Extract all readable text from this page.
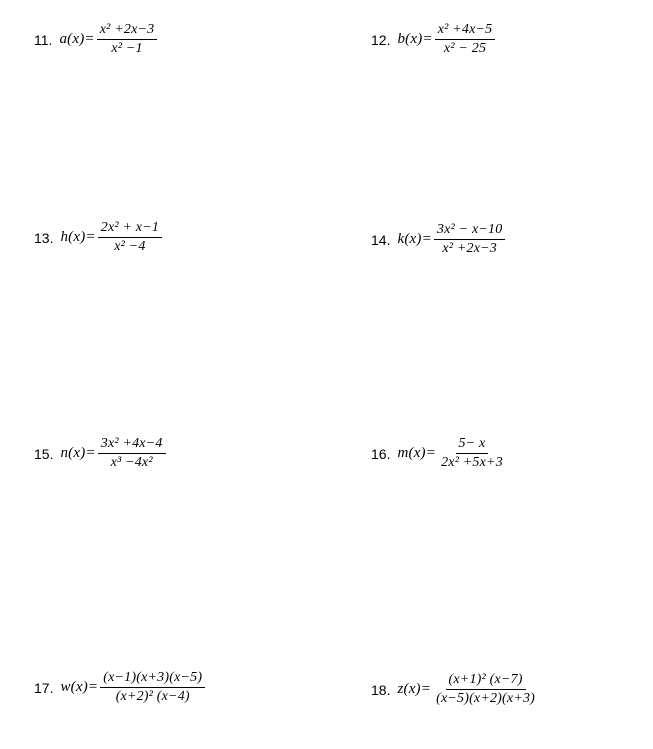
11. $a(x)= \frac{\text{x² +2x−3}}{\text{x² −1}}$	12. $b(x)= \frac{\text{x² +4x−5}}{\text{x² − 25}}$
13. $h(x)= \frac{\text{2x² + x−1}}{\text{x² −4}}$	14. $k(x)= \frac{\text{3x² − x−10}}{\text{x² +2x−3}}$
15. $n(x)= \frac{\text{3x² +4x−4}}{\text{x³ −4x²}}$	16. $m(x)= \frac{5- x}{\text{2x² +5x+3}}$
17. $w(x)= \frac{(x-1)(x+3)(x-5)}{\text{(x+2)² (x−4)}}$	18. $z(x)= \frac{\text{(x+1)² (x−7)}}{(x-5)(x+2)(x+3)}$
